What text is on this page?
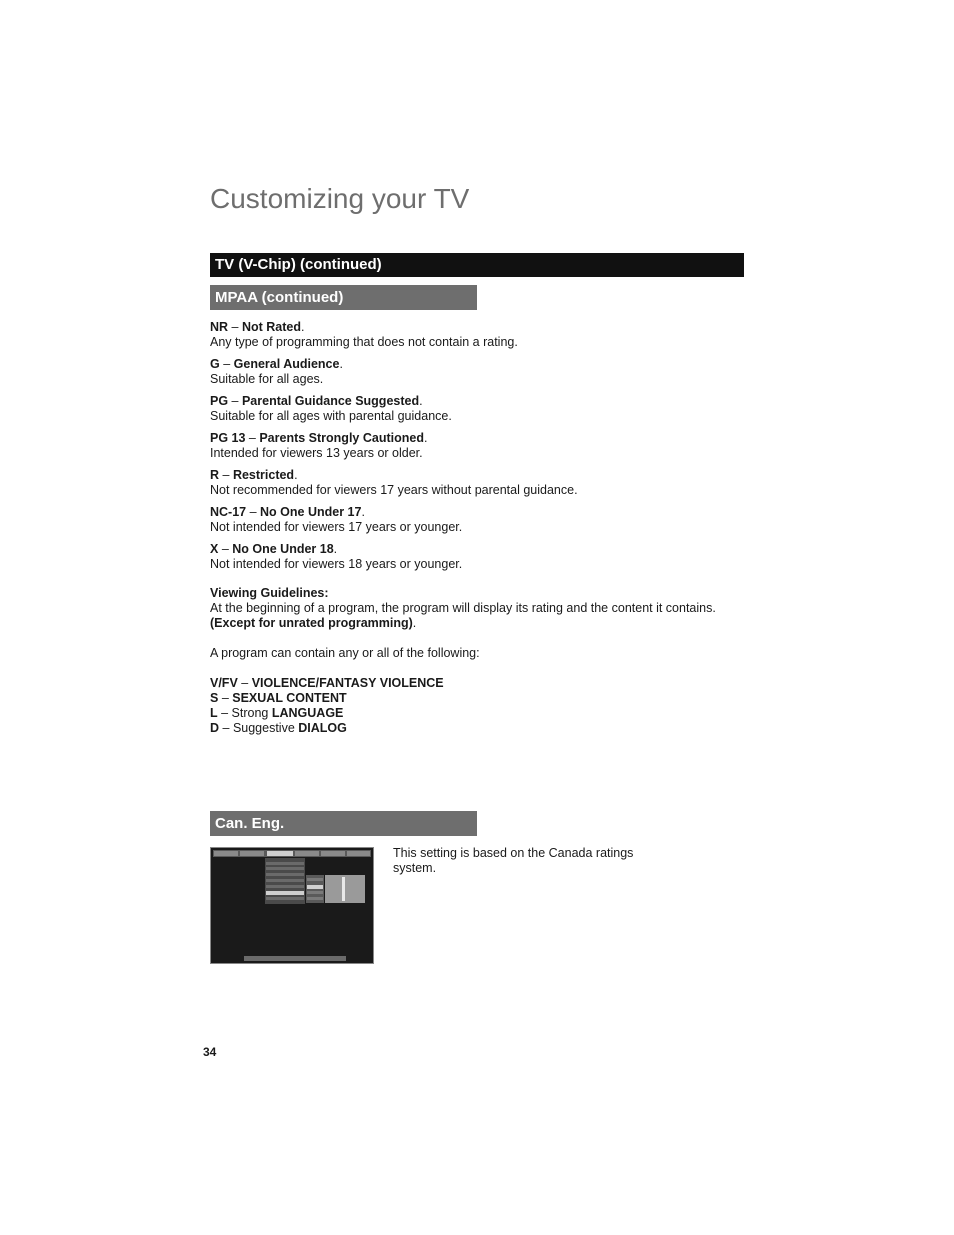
Customizing your TV
TV (V-Chip) (continued)
MPAA (continued)
NR – Not Rated.
Any type of programming that does not contain a rating.
G – General Audience.
Suitable for all ages.
PG – Parental Guidance Suggested.
Suitable for all ages with parental guidance.
PG 13 – Parents Strongly Cautioned.
Intended for viewers 13 years or older.
R – Restricted.
Not recommended for viewers 17 years without parental guidance.
NC-17 – No One Under 17.
Not intended for viewers 17 years or younger.
X – No One Under 18.
Not intended for viewers 18 years or younger.
Viewing Guidelines:
At the beginning of a program, the program will display its rating and the content it contains.
(Except for unrated programming).
A program can contain any or all of the following:
V/FV – VIOLENCE/FANTASY VIOLENCE
S – SEXUAL CONTENT
L – Strong LANGUAGE
D – Suggestive DIALOG
Can. Eng.
This setting is based on the Canada ratings system.
34
